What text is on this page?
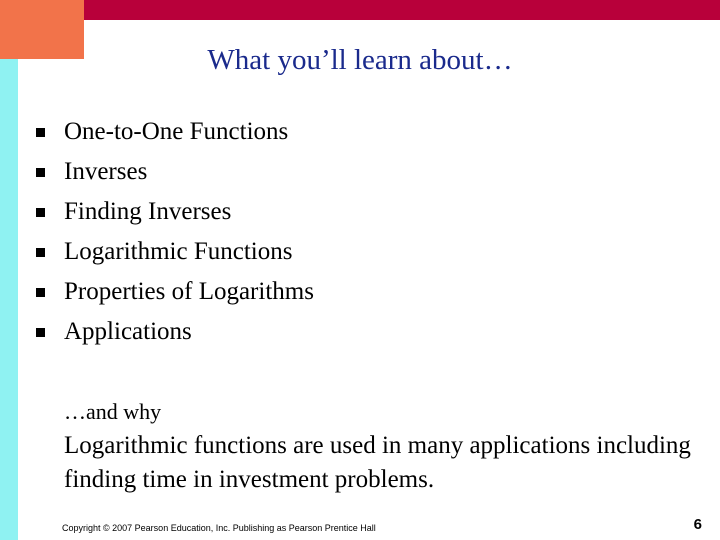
What you’ll learn about…
One-to-One Functions
Inverses
Finding Inverses
Logarithmic Functions
Properties of Logarithms
Applications

…and why

Logarithmic functions are used in many applications including finding time in investment problems.

Copyright © 2007 Pearson Education, Inc. Publishing as Pearson Prentice Hall	6
